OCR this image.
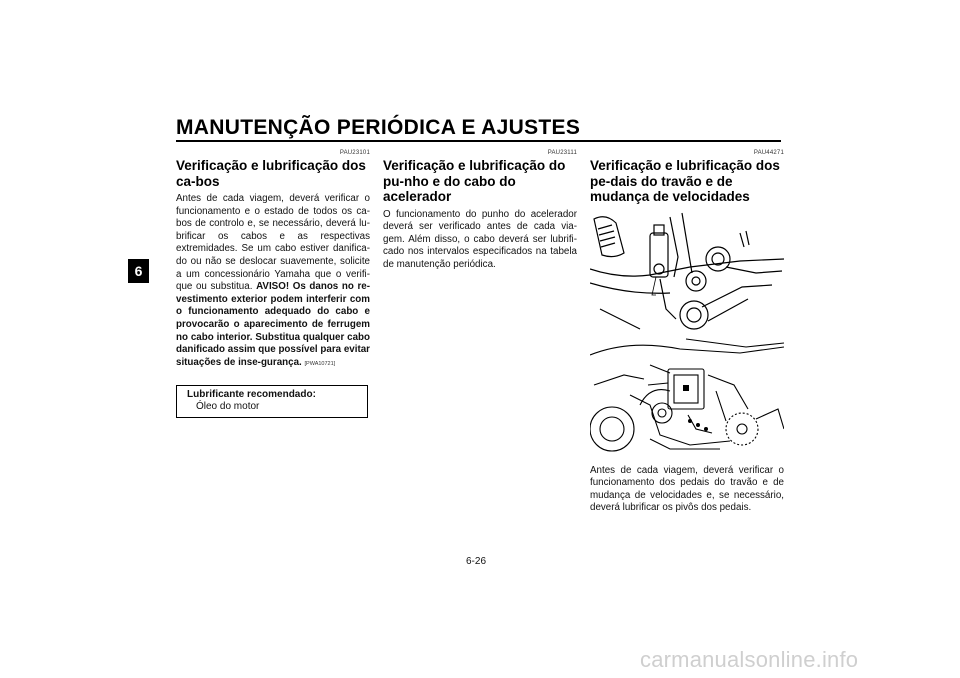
MANUTENÇÃO PERIÓDICA E AJUSTES
6
PAU23101
Verificação e lubrificação dos ca-bos

Antes de cada viagem, deverá verificar o funcionamento e o estado de todos os ca-bos de controlo e, se necessário, deverá lu-brificar os cabos e as respectivas extremidades. Se um cabo estiver danifica-do ou não se deslocar suavemente, solicite a um concessionário Yamaha que o verifi-que ou substitua. AVISO! Os danos no re-vestimento exterior podem interferir com o funcionamento adequado do cabo e provocarão o aparecimento de ferrugem no cabo interior. Substitua qualquer cabo danificado assim que possível para evitar situações de inse-gurança. [PWA10721]

Lubrificante recomendado:
Óleo do motor
PAU23111
Verificação e lubrificação do pu-nho e do cabo do acelerador

O funcionamento do punho do acelerador deverá ser verificado antes de cada via-gem. Além disso, o cabo deverá ser lubrifi-cado nos intervalos especificados na tabela de manutenção periódica.

PAU44271
Verificação e lubrificação dos pe-dais do travão e de mudança de velocidades

Antes de cada viagem, deverá verificar o funcionamento dos pedais do travão e de mudança de velocidades e, se necessário, deverá lubrificar os pivôs dos pedais.

6-26
carmanualsonline.info
